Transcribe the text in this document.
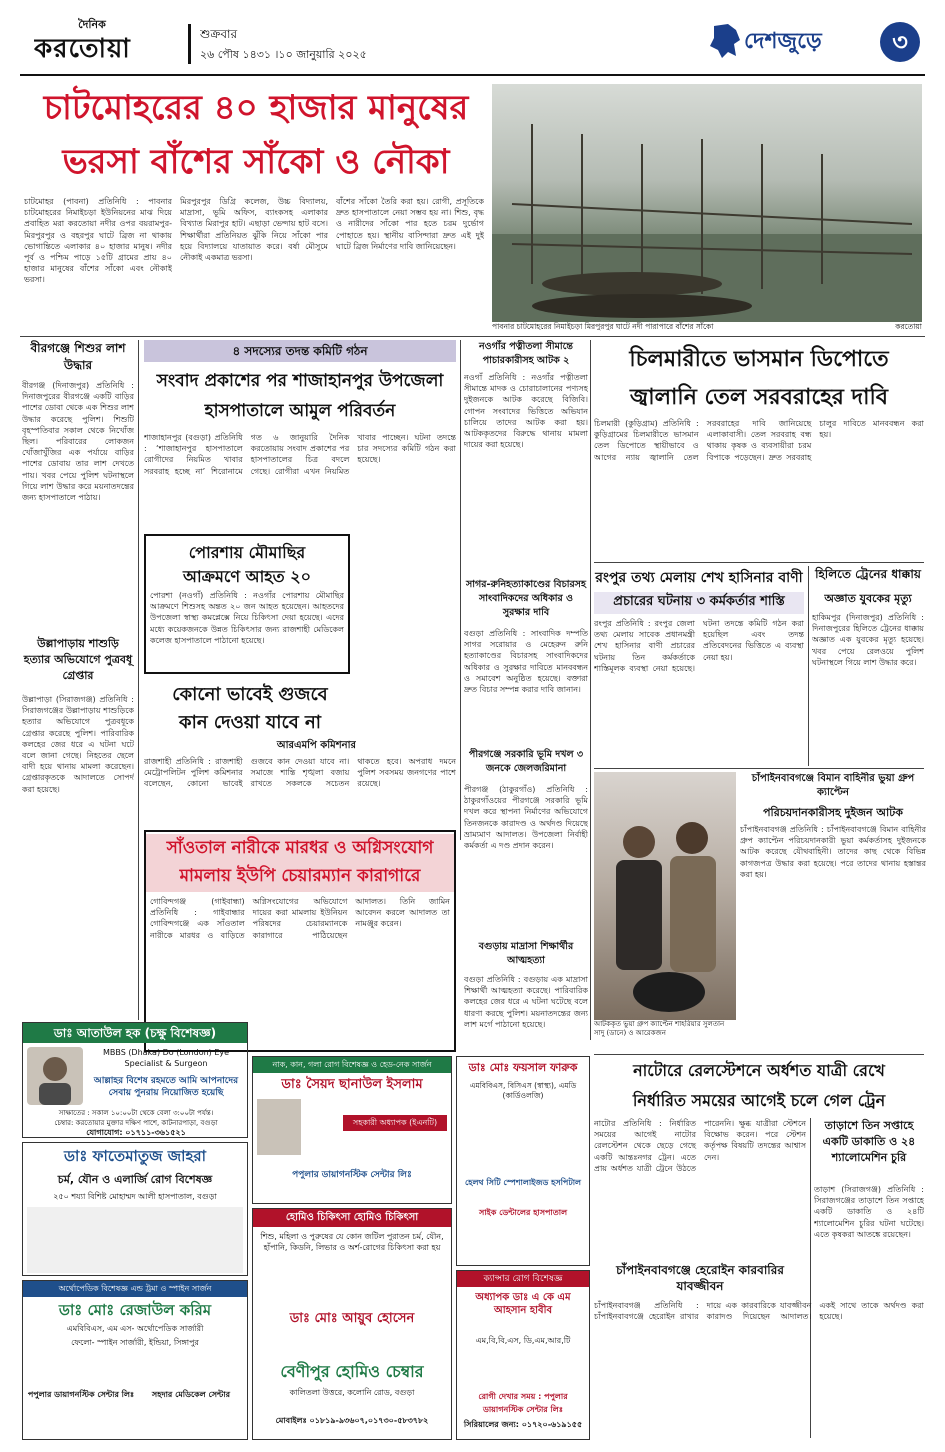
দৈনিক
করতোয়া	শুক্রবার
২৬ পৌষ ১৪৩১ ।১০ জানুয়ারি ২০২৫
দেশজুড়ে	৩
চাটমোহরের ৪০ হাজার মানুষের
ভরসা বাঁশের সাঁকো ও নৌকা
চাটমোহর (পাবনা) প্রতিনিধি : পাবনার চাটমোহরের নিমাইচড়া ইউনিয়নের মাঝ দিয়ে প্রবাহিত মরা করতোয়া নদীর ওপর বয়রামপুর-মিরপুরপুর ও বহরপুর ঘাটে ব্রিজ না থাকায় ভোগান্তিতে এলাকার ৪০ হাজার মানুষ। নদীর পূর্ব ও পশ্চিম পাড়ে ১৫টি গ্রামের প্রায় ৪০ হাজার মানুষের বাঁশের সাঁকো এবং নৌকাই ভরসা।
মিরপুরপুর ডিগ্রি কলেজ, উচ্চ বিদ্যালয়, মাদ্রাসা, ভূমি অফিস, ব্যাংকসহ এলাকার বিখ্যাত মিরাপুর হাট। এছাড়া ভেন্দায় হাট বসে। শিক্ষার্থীরা প্রতিনিয়ত ঝুঁকি নিয়ে সাঁকো পার হয়ে বিদ্যালয়ে যাতায়াত করে। বর্ষা মৌসুমে নৌকাই একমাত্র ভরসা।
বাঁশের সাঁকো তৈরি করা হয়। রোগী, প্রসূতিকে দ্রুত হাসপাতালে নেয়া সম্ভব হয় না। শিশু, বৃদ্ধ ও নারীদের সাঁকো পার হতে চরম দুর্ভোগ পোহাতে হয়। স্থানীয় বাসিন্দারা দ্রুত এই দুই ঘাটে ব্রিজ নির্মাণের দাবি জানিয়েছেন।
পাবনার চাটমোহরের নিমাইচড়া মিরপুরপুর ঘাটে নদী পারাপারে বাঁশের সাঁকো	করতোয়া
বীরগঞ্জে শিশুর লাশ উদ্ধার
বীরগঞ্জ (দিনাজপুর) প্রতিনিধি : দিনাজপুরের বীরগঞ্জে একটি বাড়ির পাশের ডোবা থেকে এক শিশুর লাশ উদ্ধার করেছে পুলিশ। শিশুটি বৃহস্পতিবার সকাল থেকে নিখোঁজ ছিল। পরিবারের লোকজন খোঁজাখুঁজির এক পর্যায়ে বাড়ির পাশের ডোবায় তার লাশ দেখতে পায়। খবর পেয়ে পুলিশ ঘটনাস্থলে গিয়ে লাশ উদ্ধার করে ময়নাতদন্তের জন্য হাসপাতালে পাঠায়।
উল্লাপাড়ায় শাশুড়ি হত্যার অভিযোগে পুত্রবধূ গ্রেপ্তার
উল্লাপাড়া (সিরাজগঞ্জ) প্রতিনিধি : সিরাজগঞ্জের উল্লাপাড়ায় শাশুড়িকে হত্যার অভিযোগে পুত্রবধূকে গ্রেপ্তার করেছে পুলিশ। পারিবারিক কলহের জের ধরে এ ঘটনা ঘটে বলে জানা গেছে। নিহতের ছেলে বাদী হয়ে থানায় মামলা করেছেন। গ্রেপ্তারকৃতকে আদালতে সোপর্দ করা হয়েছে।
৪ সদস্যের তদন্ত কমিটি গঠন
সংবাদ প্রকাশের পর শাজাহানপুর উপজেলা হাসপাতালে আমুল পরিবর্তন
শাজাহানপুর (বগুড়া) প্রতিনিধি : ‘শাজাহানপুর হাসপাতালে রোগীদের নিয়মিত খাবার সরবরাহ হচ্ছে না’ শিরোনামে গত ৬ জানুয়ারি দৈনিক করতোয়ায় সংবাদ প্রকাশের পর হাসপাতালের চিত্র বদলে গেছে। রোগীরা এখন নিয়মিত খাবার পাচ্ছেন। ঘটনা তদন্তে চার সদস্যের কমিটি গঠন করা হয়েছে।
পোরশায় মৌমাছির
আক্রমণে আহত ২০
পোরশা (নওগাঁ) প্রতিনিধি : নওগাঁর পোরশায় মৌমাছির আক্রমণে শিশুসহ অন্তত ২০ জন আহত হয়েছেন। আহতদের উপজেলা স্বাস্থ্য কমপ্লেক্সে নিয়ে চিকিৎসা দেয়া হয়েছে। এদের মধ্যে কয়েকজনকে উন্নত চিকিৎসার জন্য রাজশাহী মেডিকেল কলেজ হাসপাতালে পাঠানো হয়েছে।
কোনো ভাবেই গুজবে
কান দেওয়া যাবে না
আরএমপি কমিশনার
রাজশাহী প্রতিনিধি : রাজশাহী মেট্রোপলিটন পুলিশ কমিশনার বলেছেন, কোনো ভাবেই গুজবে কান দেওয়া যাবে না। সমাজে শান্তি শৃঙ্খলা বজায় রাখতে সকলকে সচেতন থাকতে হবে। অপরাধ দমনে পুলিশ সবসময় জনগণের পাশে রয়েছে।
নওগাঁর পত্নীতলা সীমান্তে পাচারকারীসহ আটক ২
নওগাঁ প্রতিনিধি : নওগাঁর পত্নীতলা সীমান্তে মাদক ও চোরাচালানের পণ্যসহ দুইজনকে আটক করেছে বিজিবি। গোপন সংবাদের ভিত্তিতে অভিযান চালিয়ে তাদের আটক করা হয়। আটককৃতদের বিরুদ্ধে থানায় মামলা দায়ের করা হয়েছে।
সাগর-রুনিহত্যাকাণ্ডের বিচারসহ সাংবাদিকদের অধিকার ও সুরক্ষার দাবি
বগুড়া প্রতিনিধি : সাংবাদিক দম্পতি সাগর সরোয়ার ও মেহেরুন রুনি হত্যাকাণ্ডের বিচারসহ সাংবাদিকদের অধিকার ও সুরক্ষার দাবিতে মানববন্ধন ও সমাবেশ অনুষ্ঠিত হয়েছে। বক্তারা দ্রুত বিচার সম্পন্ন করার দাবি জানান।
পীরগঞ্জে সরকারি ভূমি দখল ৩ জনকে জেলজরিমানা
পীরগঞ্জ (ঠাকুরগাঁও) প্রতিনিধি : ঠাকুরগাঁওয়ের পীরগঞ্জে সরকারি ভূমি দখল করে স্থাপনা নির্মাণের অভিযোগে তিনজনকে কারাদণ্ড ও অর্থদণ্ড দিয়েছে ভ্রাম্যমাণ আদালত। উপজেলা নির্বাহী কর্মকর্তা এ দণ্ড প্রদান করেন।
বগুড়ায় মাদ্রাসা শিক্ষার্থীর আত্মহত্যা
বগুড়া প্রতিনিধি : বগুড়ায় এক মাদ্রাসা শিক্ষার্থী আত্মহত্যা করেছে। পারিবারিক কলহের জের ধরে এ ঘটনা ঘটেছে বলে ধারণা করছে পুলিশ। ময়নাতদন্তের জন্য লাশ মর্গে পাঠানো হয়েছে।
চিলমারীতে ভাসমান ডিপোতে
জ্বালানি তেল সরবরাহের দাবি
চিলমারী (কুড়িগ্রাম) প্রতিনিধি : কুড়িগ্রামের চিলমারীতে ভাসমান তেল ডিপোতে স্থায়ীভাবে ও আগের ন্যায় জ্বালানি তেল সরবরাহের দাবি জানিয়েছে এলাকাবাসী। তেল সরবরাহ বন্ধ থাকায় কৃষক ও ব্যবসায়ীরা চরম বিপাকে পড়েছেন। দ্রুত সরবরাহ চালুর দাবিতে মানববন্ধন করা হয়।
রংপুর তথ্য মেলায় শেখ হাসিনার বাণী
প্রচারের ঘটনায় ৩ কর্মকর্তার শাস্তি
রংপুর প্রতিনিধি : রংপুর জেলা তথ্য মেলায় সাবেক প্রধানমন্ত্রী শেখ হাসিনার বাণী প্রচারের ঘটনায় তিন কর্মকর্তাকে শাস্তিমূলক ব্যবস্থা নেয়া হয়েছে। ঘটনা তদন্তে কমিটি গঠন করা হয়েছিল এবং তদন্ত প্রতিবেদনের ভিত্তিতে এ ব্যবস্থা নেয়া হয়।
হিলিতে ট্রেনের ধাক্কায়
অজ্ঞাত যুবকের মৃত্যু
হাকিমপুর (দিনাজপুর) প্রতিনিধি : দিনাজপুরের হিলিতে ট্রেনের ধাক্কায় অজ্ঞাত এক যুবকের মৃত্যু হয়েছে। খবর পেয়ে রেলওয়ে পুলিশ ঘটনাস্থলে গিয়ে লাশ উদ্ধার করে।
চাঁপাইনবাবগঞ্জে বিমান বাহিনীর ভুয়া গ্রুপ ক্যাপ্টেন
পরিচয়দানকারীসহ দুইজন আটক
চাঁপাইনবাবগঞ্জ প্রতিনিধি : চাঁপাইনবাবগঞ্জে বিমান বাহিনীর গ্রুপ ক্যাপ্টেন পরিচয়দানকারী ভুয়া কর্মকর্তাসহ দুইজনকে আটক করেছে যৌথবাহিনী। তাদের কাছ থেকে বিভিন্ন কাগজপত্র উদ্ধার করা হয়েছে। পরে তাদের থানায় হস্তান্তর করা হয়।
আটককৃত ভুয়া গ্রুপ ক্যাপ্টেন শাহরিয়ার সুলতান সাদু (ডানে) ও আরেকজন
সাঁওতাল নারীকে মারধর ও অগ্নিসংযোগ মামলায় ইউপি চেয়ারম্যান কারাগারে
গোবিন্দগঞ্জ (গাইবান্ধা) প্রতিনিধি : গাইবান্ধার গোবিন্দগঞ্জে এক সাঁওতাল নারীকে মারধর ও বাড়িতে অগ্নিসংযোগের অভিযোগে দায়ের করা মামলায় ইউনিয়ন পরিষদের চেয়ারম্যানকে কারাগারে পাঠিয়েছেন আদালত। তিনি জামিন আবেদন করলে আদালত তা নামঞ্জুর করেন।
নাটোরে রেলস্টেশনে অর্ধশত যাত্রী রেখে
নির্ধারিত সময়ের আগেই চলে গেল ট্রেন
নাটোর প্রতিনিধি : নির্ধারিত সময়ের আগেই নাটোর রেলস্টেশন থেকে ছেড়ে গেছে একটি আন্তঃনগর ট্রেন। এতে প্রায় অর্ধশত যাত্রী ট্রেনে উঠতে পারেননি। ক্ষুব্ধ যাত্রীরা স্টেশনে বিক্ষোভ করেন। পরে স্টেশন কর্তৃপক্ষ বিষয়টি তদন্তের আশ্বাস দেন।
তাড়াশে তিন সপ্তাহে একটি ডাকাতি ও ২৪ শ্যালোমেশিন চুরি
তাড়াশ (সিরাজগঞ্জ) প্রতিনিধি : সিরাজগঞ্জের তাড়াশে তিন সপ্তাহে একটি ডাকাতি ও ২৪টি শ্যালোমেশিন চুরির ঘটনা ঘটেছে। এতে কৃষকরা আতঙ্কে রয়েছেন।
চাঁপাইনবাবগঞ্জে হেরোইন কারবারির যাবজ্জীবন
চাঁপাইনবাবগঞ্জ প্রতিনিধি : চাঁপাইনবাবগঞ্জে হেরোইন রাখার দায়ে এক কারবারিকে যাবজ্জীবন কারাদণ্ড দিয়েছেন আদালত। একই সাথে তাকে অর্থদণ্ড করা হয়েছে।
ডাঃ আতাউল হক (চক্ষু বিশেষজ্ঞ)
MBBS (Dhaka) Do (London) Eye Specialist & Surgeon
আল্লাহর বিশেষ রহমতে আমি আপনাদের সেবায় পুনরায় নিয়োজিত হয়েছি
সাক্ষাতের : সকাল ১০:০০টা থেকে বেলা ৩:০০টা পর্যন্ত।
চেম্বার: করতোয়ার মুক্তার দক্ষিণ পাশে, কাটনারপাড়া, বগুড়া
যোগাযোগ: ০১৭১১-৩৬১৫২১
ডাঃ ফাতেমাতুজ জাহরা
চর্ম, যৌন ও এলার্জি রোগ বিশেষজ্ঞ
২৫০ শয্যা বিশিষ্ট মোহাম্মদ আলী হাসপাতাল, বগুড়া
অর্থোপেডিক বিশেষজ্ঞ এন্ড ট্রমা ও স্পাইন সার্জন
ডাঃ মোঃ রেজাউল করিম
এমবিবিএস, এম এস- অর্থোপেডিক সার্জারী
ফেলো- স্পাইন সার্জারী, ইন্ডিয়া, সিঙ্গাপুর
পপুলার ডায়াগনস্টিক সেন্টার লিঃ	সহদার মেডিকেল সেন্টার
নাক, কান, গলা রোগ বিশেষজ্ঞ ও হেড-নেক সার্জন
ডাঃ সৈয়দ ছানাউল ইসলাম
সহকারী অধ্যাপক (ইএনটি)
পপুলার ডায়াগনস্টিক সেন্টার লিঃ
হোমিও চিকিৎসা হোমিও চিকিৎসা
শিশু, মহিলা ও পুরুষের যে কোন জটিল পুরাতন চর্ম, যৌন, হাঁপানি, কিডনি, লিভার ও অর্শ-রোগের চিকিৎসা করা হয়
ডাঃ মোঃ আয়ুব হোসেন
বেণীপুর হোমিও চেম্বার
কালিতলা উত্তরে, কলোনি রোড, বগুড়া
মোবাইলঃ ০১৮১৯-৯৩৬০৭,০১৭৩০-৫৮৩৭৮২
ডাঃ মোঃ ফয়সাল ফারুক
এমবিবিএস, বিসিএস (স্বাস্থ্য), এমডি (কার্ডিওলজি)
হেলথ সিটি স্পেশালাইজড হসপিটাল
সাইক ডেন্টালের হাসপাতাল
ক্যান্সার রোগ বিশেষজ্ঞ
অধ্যাপক ডাঃ এ কে এম আহসান হাবীব
এম,বি,বি,এস, ডি,এম,আর,টি
রোগী দেখার সময় : পপুলার ডায়াগনস্টিক সেন্টার লিঃ
সিরিয়ালের জন্য: ০১৭২০-৬১৯১৫৫
